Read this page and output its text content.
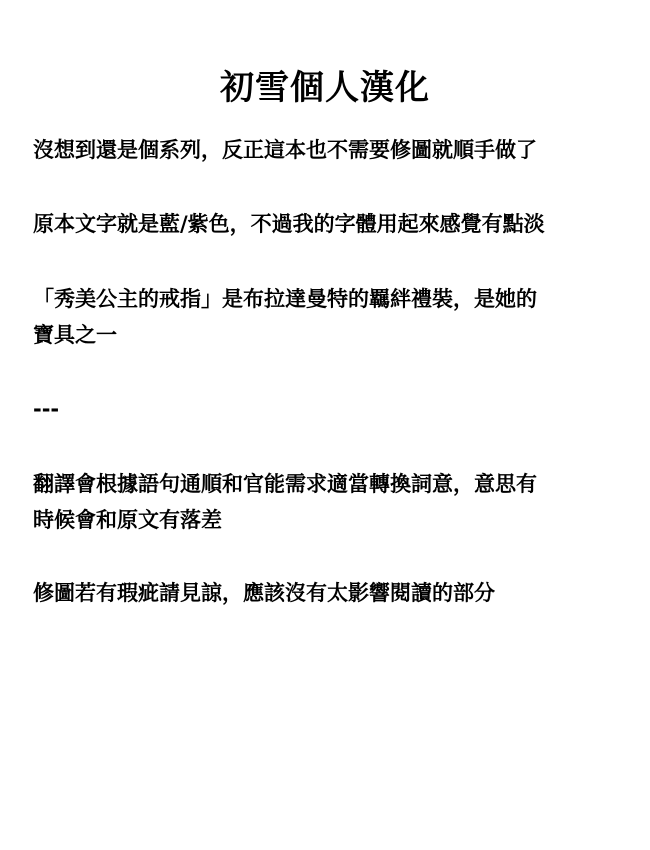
初雪個人漢化

沒想到還是個系列，反正這本也不需要修圖就順手做了

原本文字就是藍/紫色，不過我的字體用起來感覺有點淡

「秀美公主的戒指」是布拉達曼特的羈絆禮裝，是她的
寶具之一

---

翻譯會根據語句通順和官能需求適當轉換詞意，意思有
時候會和原文有落差

修圖若有瑕疵請見諒，應該沒有太影響閱讀的部分
